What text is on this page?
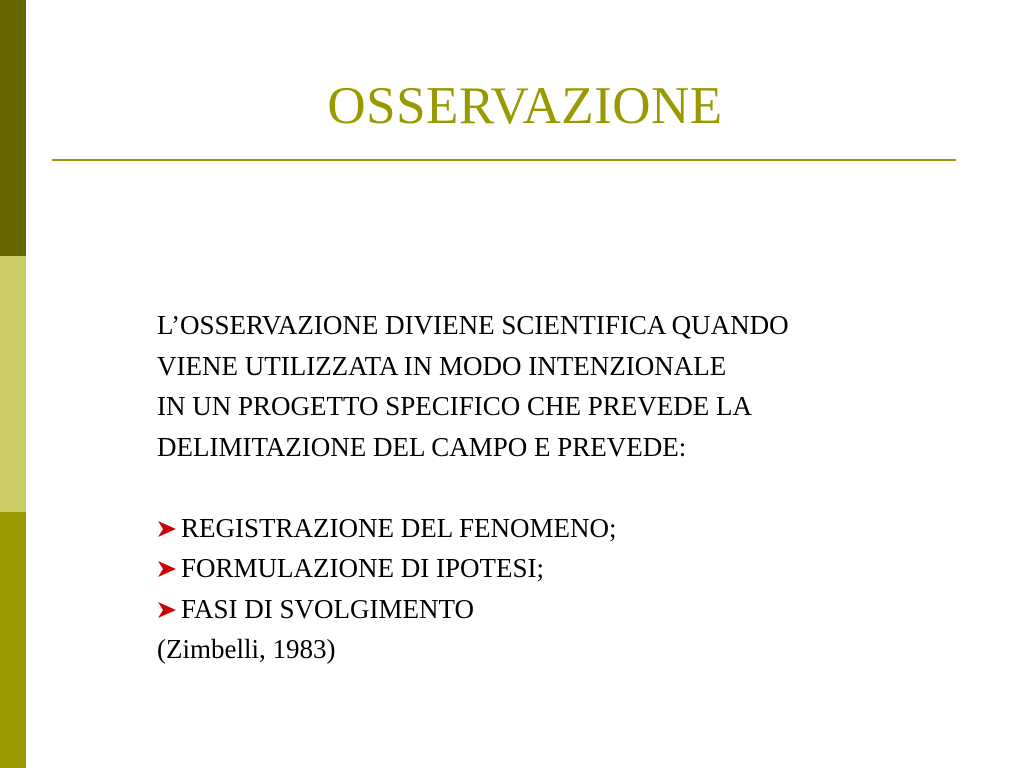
OSSERVAZIONE
L’OSSERVAZIONE DIVIENE SCIENTIFICA QUANDO
VIENE UTILIZZATA IN MODO INTENZIONALE
IN UN PROGETTO SPECIFICO CHE PREVEDE LA
DELIMITAZIONE DEL CAMPO E PREVEDE:
REGISTRAZIONE DEL FENOMENO;
FORMULAZIONE DI IPOTESI;
FASI DI SVOLGIMENTO
(Zimbelli, 1983)
